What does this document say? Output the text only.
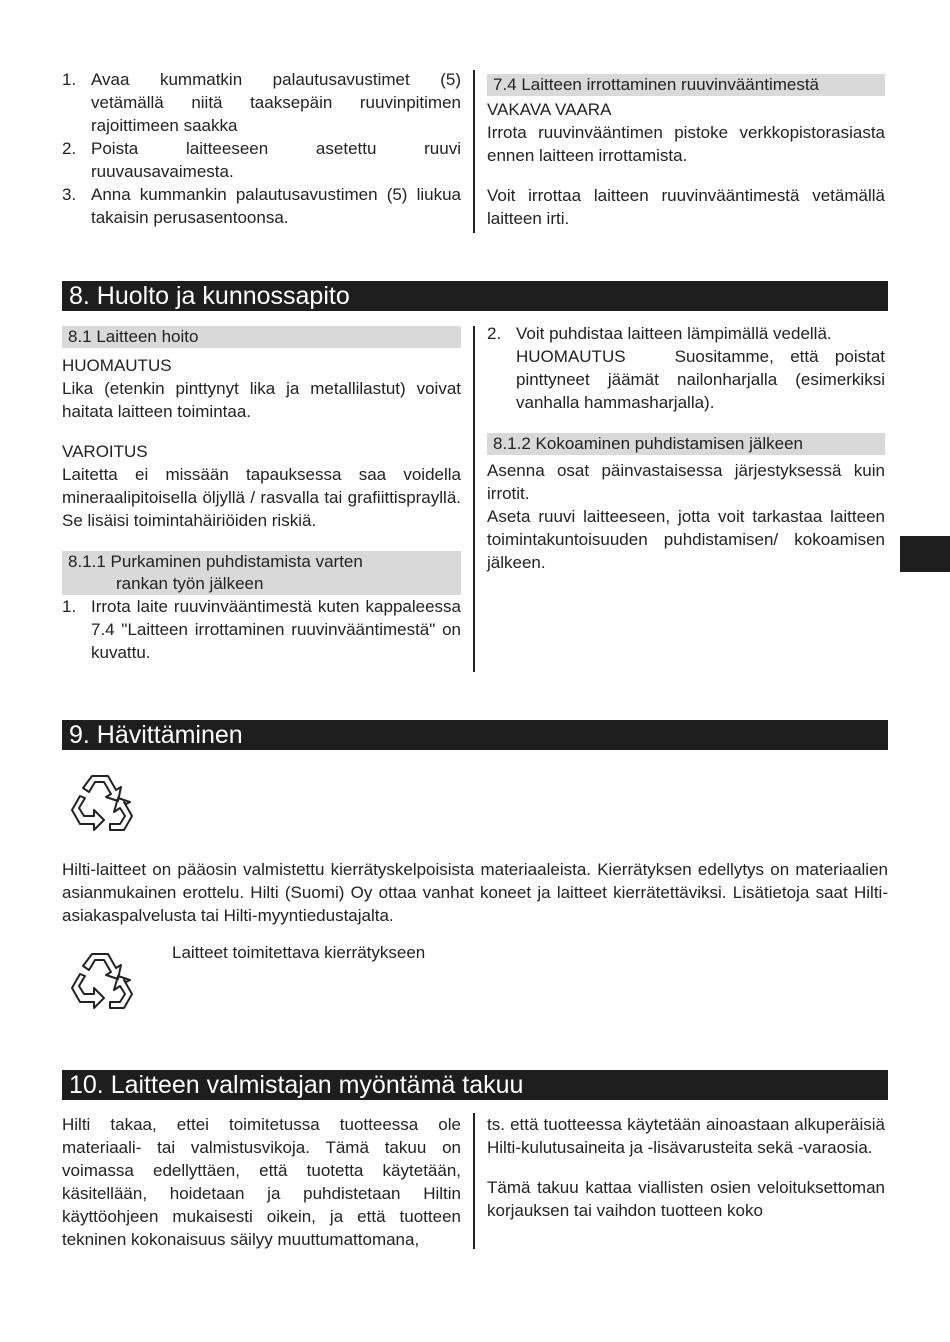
1. Avaa kummatkin palautusavustimet (5) vetämällä niitä taaksepäin ruuvinpitimen rajoittimeen saakka
2. Poista laitteeseen asetettu ruuvi ruuvausavaimesta.
3. Anna kummankin palautusavustimen (5) liukua takaisin perusasentoonsa.
7.4 Laitteen irrottaminen ruuvinvääntimestä

VAKAVA VAARA

Irrota ruuvinvääntimen pistoke verkkopistorasiasta ennen laitteen irrottamista.

Voit irrottaa laitteen ruuvinvääntimestä vetämällä laitteen irti.

8. Huolto ja kunnossapito
8.1 Laitteen hoito

HUOMAUTUS

Lika (etenkin pinttynyt lika ja metallilastut) voivat haitata laitteen toimintaa.

VAROITUS

Laitetta ei missään tapauksessa saa voidella mineraalipitoisella öljyllä / rasvalla tai grafiittisprayllä. Se lisäisi toimintahäiriöiden riskiä.

8.1.1 Purkaminen puhdistamista varten
rankan työn jälkeen
1. Irrota laite ruuvinvääntimestä kuten kappaleessa 7.4 "Laitteen irrottaminen ruuvinvääntimestä" on kuvattu.
2. Voit puhdistaa laitteen lämpimällä vedellä.
HUOMAUTUS	Suositamme, että poistat pinttyneet jäämät nailonharjalla (esimerkiksi vanhalla hammasharjalla).
8.1.2 Kokoaminen puhdistamisen jälkeen

Asenna osat päinvastaisessa järjestyksessä kuin irrotit.

Aseta ruuvi laitteeseen, jotta voit tarkastaa laitteen toimintakuntoisuuden puhdistamisen/ kokoamisen jälkeen.

9. Hävittäminen

Hilti-laitteet on pääosin valmistettu kierrätyskelpoisista materiaaleista. Kierrätyksen edellytys on materiaalien asianmukainen erottelu. Hilti (Suomi) Oy ottaa vanhat koneet ja laitteet kierrätettäviksi. Lisätietoja saat Hilti-asiakaspalvelusta tai Hilti-myyntiedustajalta.

Laitteet toimitettava kierrätykseen

10. Laitteen valmistajan myöntämä takuu

Hilti takaa, ettei toimitetussa tuotteessa ole materiaali- tai valmistusvikoja. Tämä takuu on voimassa edellyttäen, että tuotetta käytetään, käsitellään, hoidetaan ja puhdistetaan Hiltin käyttöohjeen mukaisesti oikein, ja että tuotteen tekninen kokonaisuus säilyy muuttumattomana,

ts. että tuotteessa käytetään ainoastaan alkuperäisiä Hilti-kulutusaineita ja -lisävarusteita sekä -varaosia.

Tämä takuu kattaa viallisten osien veloituksettoman korjauksen tai vaihdon tuotteen koko
